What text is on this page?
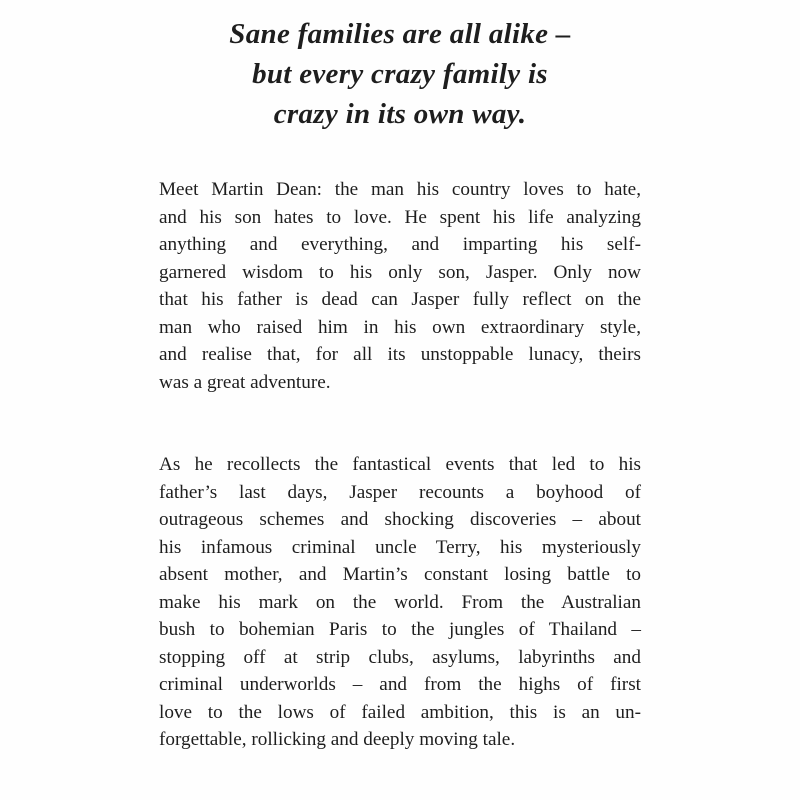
Sane families are all alike –
but every crazy family is
crazy in its own way.
Meet Martin Dean: the man his country loves to hate,
and his son hates to love. He spent his life analyzing
anything and everything, and imparting his self-
garnered wisdom to his only son, Jasper. Only now
that his father is dead can Jasper fully reflect on the
man who raised him in his own extraordinary style,
and realise that, for all its unstoppable lunacy, theirs
was a great adventure.
As he recollects the fantastical events that led to his
father’s last days, Jasper recounts a boyhood of
outrageous schemes and shocking discoveries – about
his infamous criminal uncle Terry, his mysteriously
absent mother, and Martin’s constant losing battle to
make his mark on the world. From the Australian
bush to bohemian Paris to the jungles of Thailand –
stopping off at strip clubs, asylums, labyrinths and
criminal underworlds – and from the highs of first
love to the lows of failed ambition, this is an un-
forgettable, rollicking and deeply moving tale.
